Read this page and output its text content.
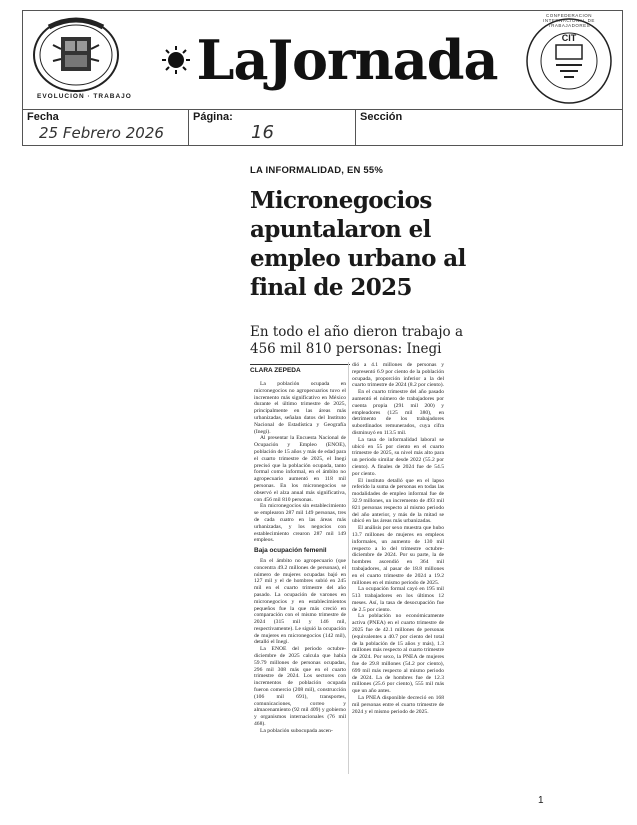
EVOLUCION · TRABAJO
LaJornada	CIT
CONFEDERACION INTERNACIONAL DE TRABAJADORES
Fecha
25 Febrero 2026
Página:
16
Sección

LA INFORMALIDAD, EN 55%

Micronegocios apuntalaron el empleo urbano al final de 2025

En todo el año dieron trabajo a 456 mil 810 personas: Inegi

CLARA ZEPEDA

La población ocupada en micronegocios no agropecuarios tuvo el incremento más significativo en México durante el último trimestre de 2025, principalmente en las áreas más urbanizadas, señalan datos del Instituto Nacional de Estadística y Geografía (Inegi).

Al presentar la Encuesta Nacional de Ocupación y Empleo (ENOE), población de 15 años y más de edad para el cuarto trimestre de 2025, el Inegi precisó que la población ocupada, tanto formal como informal, en el ámbito no agropecuario aumentó en 118 mil personas. En los micronegocios se observó el alza anual más significativa, con 456 mil 810 personas.

En micronegocios sin establecimiento se emplearon 287 mil 149 personas, tres de cada cuatro en las áreas más urbanizadas, y los negocios con establecimiento crearon 287 mil 149 empleos.

Baja ocupación femenil

En el ámbito no agropecuario (que concentra 49.2 millones de personas), el número de mujeres ocupadas bajó en 127 mil y el de hombres subió en 245 mil en el cuarto trimestre del año pasado. La ocupación de varones en micronegocios y en establecimientos pequeños fue la que más creció en comparación con el mismo trimestre de 2024 (315 mil y 146 mil, respectivamente). Le siguió la ocupación de mujeres en micronegocios (142 mil), detalló el Inegi.

La ENOE del periodo octubre-diciembre de 2025 calcula que había 59.79 millones de personas ocupadas, 296 mil 308 más que en el cuarto trimestre de 2024. Los sectores con incrementos de población ocupada fueron comercio (208 mil), construcción (106 mil 691), transportes, comunicaciones, correo y almacenamiento (92 mil 409) y gobierno y organismos internacionales (76 mil 468).

La población subocupada ascen-

dió a 4.1 millones de personas y representó 6.9 por ciento de la población ocupada, proporción inferior a la del cuarto trimestre de 2024 (8.2 por ciento).

En el cuarto trimestre del año pasado aumentó el número de trabajadores por cuenta propia (291 mil 200) y empleadores (125 mil 380), en detrimento de los trabajadores subordinados remunerados, cuya cifra disminuyó en 113.5 mil.

La tasa de informalidad laboral se ubicó en 55 por ciento en el cuarto trimestre de 2025, su nivel más alto para un periodo similar desde 2022 (55.2 por ciento). A finales de 2024 fue de 54.5 por ciento.

El instituto detalló que en el lapso referido la suma de personas en todas las modalidades de empleo informal fue de 32.9 millones, un incremento de 493 mil 821 personas respecto al mismo periodo del año anterior, y más de la mitad se ubicó en las áreas más urbanizadas.

El análisis por sexo muestra que hubo 13.7 millones de mujeres en empleos informales, un aumento de 130 mil respecto a lo del trimestre octubre-diciembre de 2024. Por su parte, la de hombres ascendió en 364 mil trabajadores, al pasar de 18.8 millones en el cuarto trimestre de 2024 a 19.2 millones en el mismo periodo de 2025.

La ocupación formal cayó en 195 mil 513 trabajadores en los últimos 12 meses. Así, la tasa de desocupación fue de 2.5 por ciento.

La población no económicamente activa (PNEA) en el cuarto trimestre de 2025 fue de 42.1 millones de personas (equivalentes a 40.7 por ciento del total de la población de 15 años y más), 1.3 millones más respecto al cuarto trimestre de 2024. Por sexo, la PNEA de mujeres fue de 29.8 millones (54.2 por ciento), 699 mil más respecto al mismo periodo de 2024. La de hombres fue de 12.3 millones (25.6 por ciento), 555 mil más que un año antes.

La PNEA disponible decreció en 168 mil personas entre el cuarto trimestre de 2024 y el mismo periodo de 2025.

1
